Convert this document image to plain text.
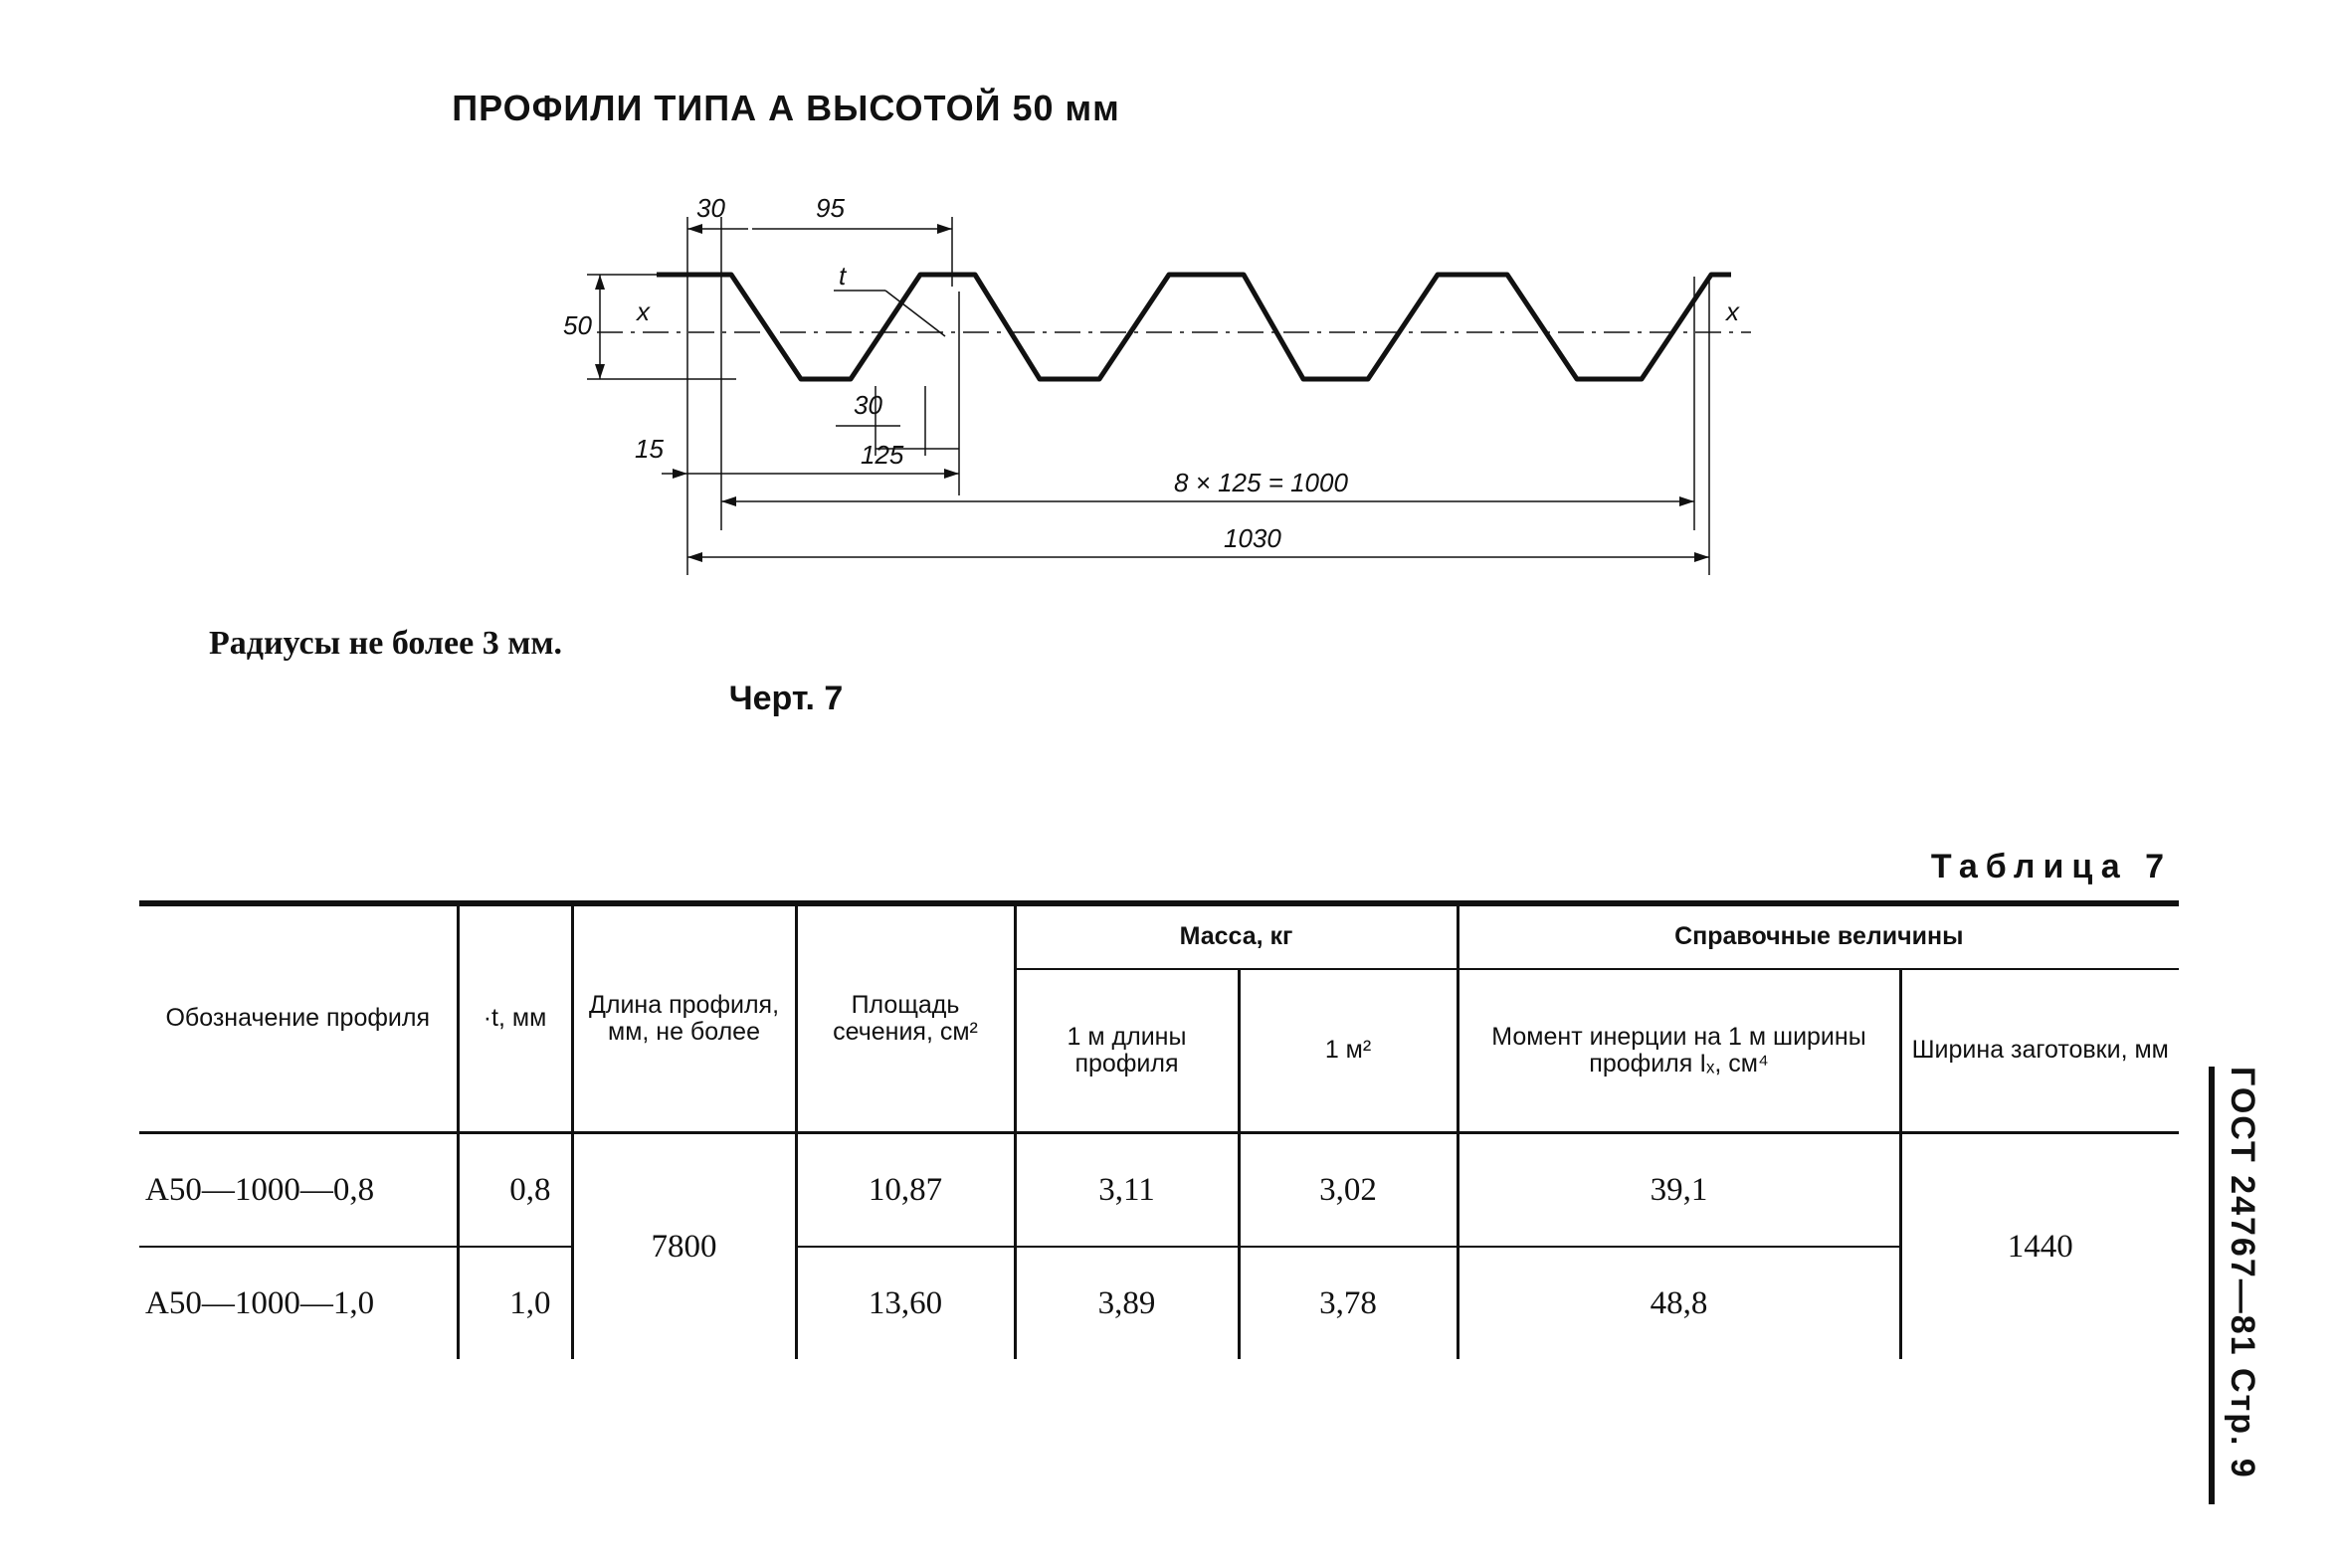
ПРОФИЛИ ТИПА А ВЫСОТОЙ 50 мм
30	95
t
50 x	x
30
125
15
8 × 125 = 1000
1030
Радиусы не более 3 мм.
Черт. 7
Таблица 7
Обозначение профиля	·t, мм	Длина профиля, мм, не более	Площадь сечения, см²	Масса, кг		Справочные величины	
				1 м длины профиля	1 м²	Момент инерции на 1 м ширины профиля Iₓ, см⁴	Ширина заготовки, мм
А50—1000—0,8	0,8	7800	10,87	3,11	3,02	39,1	1440
А50—1000—1,0	1,0		13,60	3,89	3,78	48,8		ГОСТ 24767—81 Стр. 9
